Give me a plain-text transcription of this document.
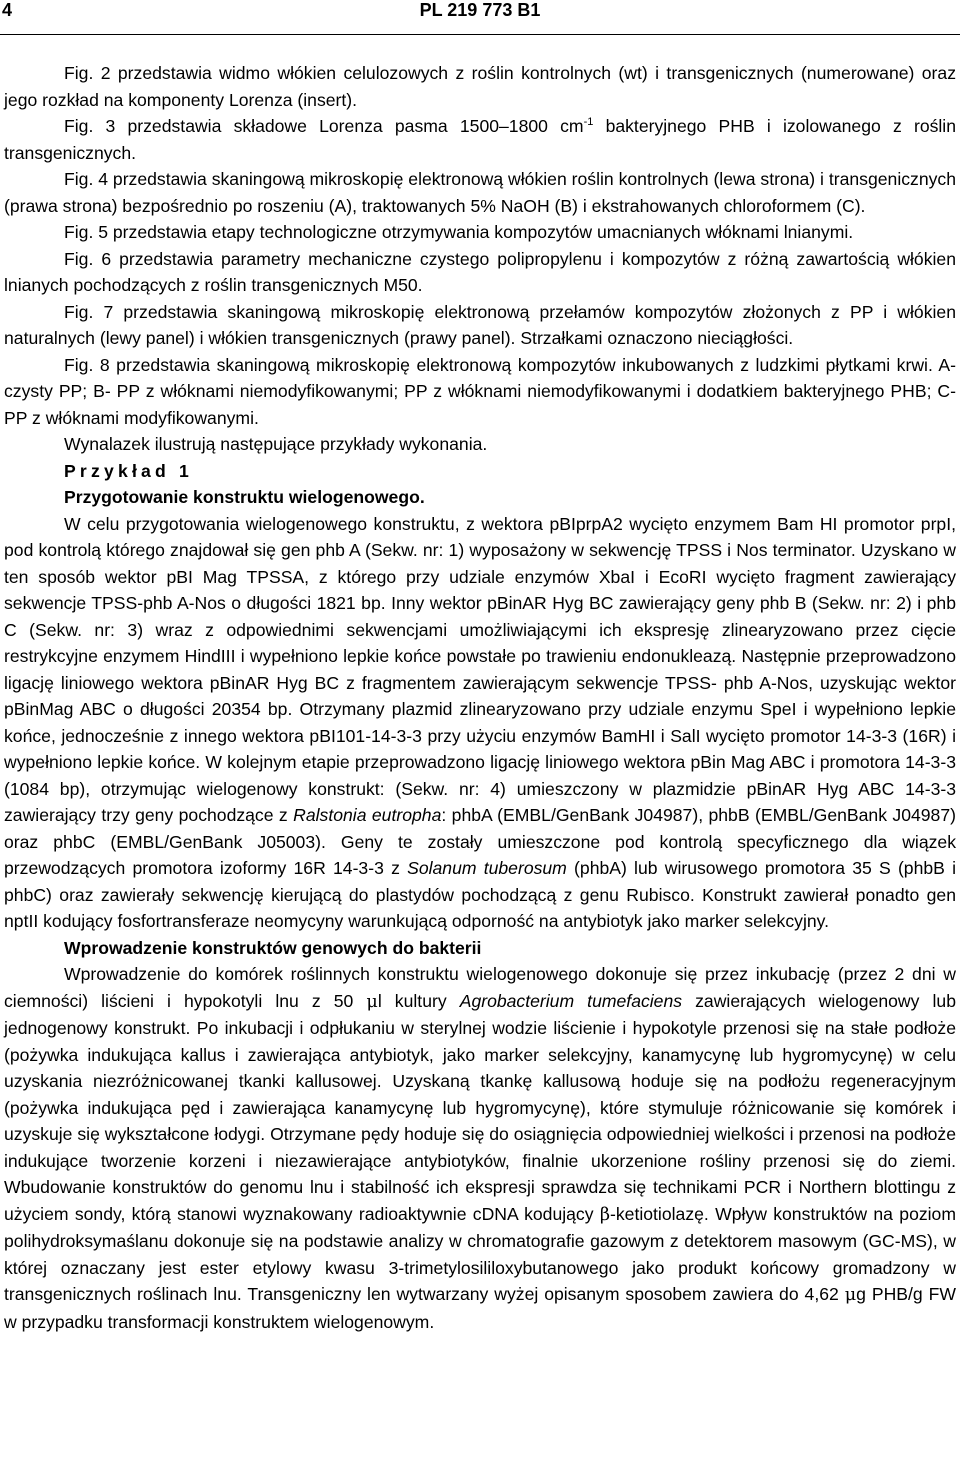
4	PL 219 773 B1

Fig. 2 przedstawia widmo włókien celulozowych z roślin kontrolnych (wt) i transgenicznych (numerowane) oraz jego rozkład na komponenty Lorenza (insert).

Fig. 3 przedstawia składowe Lorenza pasma 1500–1800 $cm^{-1}$ bakteryjnego PHB i izolowanego z roślin transgenicznych.

Fig. 4 przedstawia skaningową mikroskopię elektronową włókien roślin kontrolnych (lewa strona) i transgenicznych (prawa strona) bezpośrednio po roszeniu (A), traktowanych 5% NaOH (B) i ekstrahowanych chloroformem (C).

Fig. 5 przedstawia etapy technologiczne otrzymywania kompozytów umacnianych włóknami lnianymi.

Fig. 6 przedstawia parametry mechaniczne czystego polipropylenu i kompozytów z różną zawartością włókien lnianych pochodzących z roślin transgenicznych M50.

Fig. 7 przedstawia skaningową mikroskopię elektronową przełamów kompozytów złożonych z PP i włókien naturalnych (lewy panel) i włókien transgenicznych (prawy panel). Strzałkami oznaczono nieciągłości.

Fig. 8 przedstawia skaningową mikroskopię elektronową kompozytów inkubowanych z ludzkimi płytkami krwi. A- czysty PP; B- PP z włóknami niemodyfikowanymi; PP z włóknami niemodyfikowanymi i dodatkiem bakteryjnego PHB; C- PP z włóknami modyfikowanymi.

Wynalazek ilustrują następujące przykłady wykonania.

Przykład 1

Przygotowanie konstruktu wielogenowego.

W celu przygotowania wielogenowego konstruktu, z wektora pBIprpA2 wycięto enzymem Bam HI promotor prpI, pod kontrolą którego znajdował się gen phb A (Sekw. nr: 1) wyposażony w sekwencję TPSS i Nos terminator. Uzyskano w ten sposób wektor pBI Mag TPSSA, z którego przy udziale enzymów XbaI i EcoRI wycięto fragment zawierający sekwencje TPSS-phb A-Nos o długości 1821 bp. Inny wektor pBinAR Hyg BC zawierający geny phb B (Sekw. nr: 2) i phb C (Sekw. nr: 3) wraz z odpowiednimi sekwencjami umożliwiającymi ich ekspresję zlinearyzowano przez cięcie restrykcyjne enzymem HindIII i wypełniono lepkie końce powstałe po trawieniu endonukleazą. Następnie przeprowadzono ligację liniowego wektora pBinAR Hyg BC z fragmentem zawierającym sekwencje TPSS- phb A-Nos, uzyskując wektor pBinMag ABC o długości 20354 bp. Otrzymany plazmid zlinearyzowano przy udziale enzymu SpeI i wypełniono lepkie końce, jednocześnie z innego wektora pBI101-14-3-3 przy użyciu enzymów BamHI i SalI wycięto promotor 14-3-3 (16R) i wypełniono lepkie końce. W kolejnym etapie przeprowadzono ligację liniowego wektora pBin Mag ABC i promotora 14-3-3 (1084 bp), otrzymując wielogenowy konstrukt: (Sekw. nr: 4) umieszczony w plazmidzie pBinAR Hyg ABC 14-3-3 zawierający trzy geny pochodzące z Ralstonia eutropha: phbA (EMBL/GenBank J04987), phbB (EMBL/GenBank J04987) oraz phbC (EMBL/GenBank J05003). Geny te zostały umieszczone pod kontrolą specyficznego dla wiązek przewodzących promotora izoformy 16R 14-3-3 z Solanum tuberosum (phbA) lub wirusowego promotora 35 S (phbB i phbC) oraz zawierały sekwencję kierującą do plastydów pochodzącą z genu Rubisco. Konstrukt zawierał ponadto gen nptII kodujący fosfortransferaze neomycyny warunkującą odporność na antybiotyk jako marker selekcyjny.

Wprowadzenie konstruktów genowych do bakterii

Wprowadzenie do komórek roślinnych konstruktu wielogenowego dokonuje się przez inkubację (przez 2 dni w ciemności) liścieni i hypokotyli lnu z 50 μl kultury Agrobacterium tumefaciens zawierających wielogenowy lub jednogenowy konstrukt. Po inkubacji i odpłukaniu w sterylnej wodzie liścienie i hypokotyle przenosi się na stałe podłoże (pożywka indukująca kallus i zawierająca antybiotyk, jako marker selekcyjny, kanamycynę lub hygromycynę) w celu uzyskania niezróżnicowanej tkanki kallusowej. Uzyskaną tkankę kallusową hoduje się na podłożu regeneracyjnym (pożywka indukująca pęd i zawierająca kanamycynę lub hygromycynę), które stymuluje różnicowanie się komórek i uzyskuje się wykształcone łodygi. Otrzymane pędy hoduje się do osiągnięcia odpowiedniej wielkości i przenosi na podłoże indukujące tworzenie korzeni i niezawierające antybiotyków, finalnie ukorzenione rośliny przenosi się do ziemi. Wbudowanie konstruktów do genomu lnu i stabilność ich ekspresji sprawdza się technikami PCR i Northern blottingu z użyciem sondy, którą stanowi wyznakowany radioaktywnie cDNA kodujący β-ketiotiolazę. Wpływ konstruktów na poziom polihydroksymaślanu dokonuje się na podstawie analizy w chromatografie gazowym z detektorem masowym (GC-MS), w której oznaczany jest ester etylowy kwasu 3-trimetylosililoxybutanowego jako produkt końcowy gromadzony w transgenicznych roślinach lnu. Transgeniczny len wytwarzany wyżej opisanym sposobem zawiera do 4,62 μg PHB/g FW w przypadku transformacji konstruktem wielogenowym.
